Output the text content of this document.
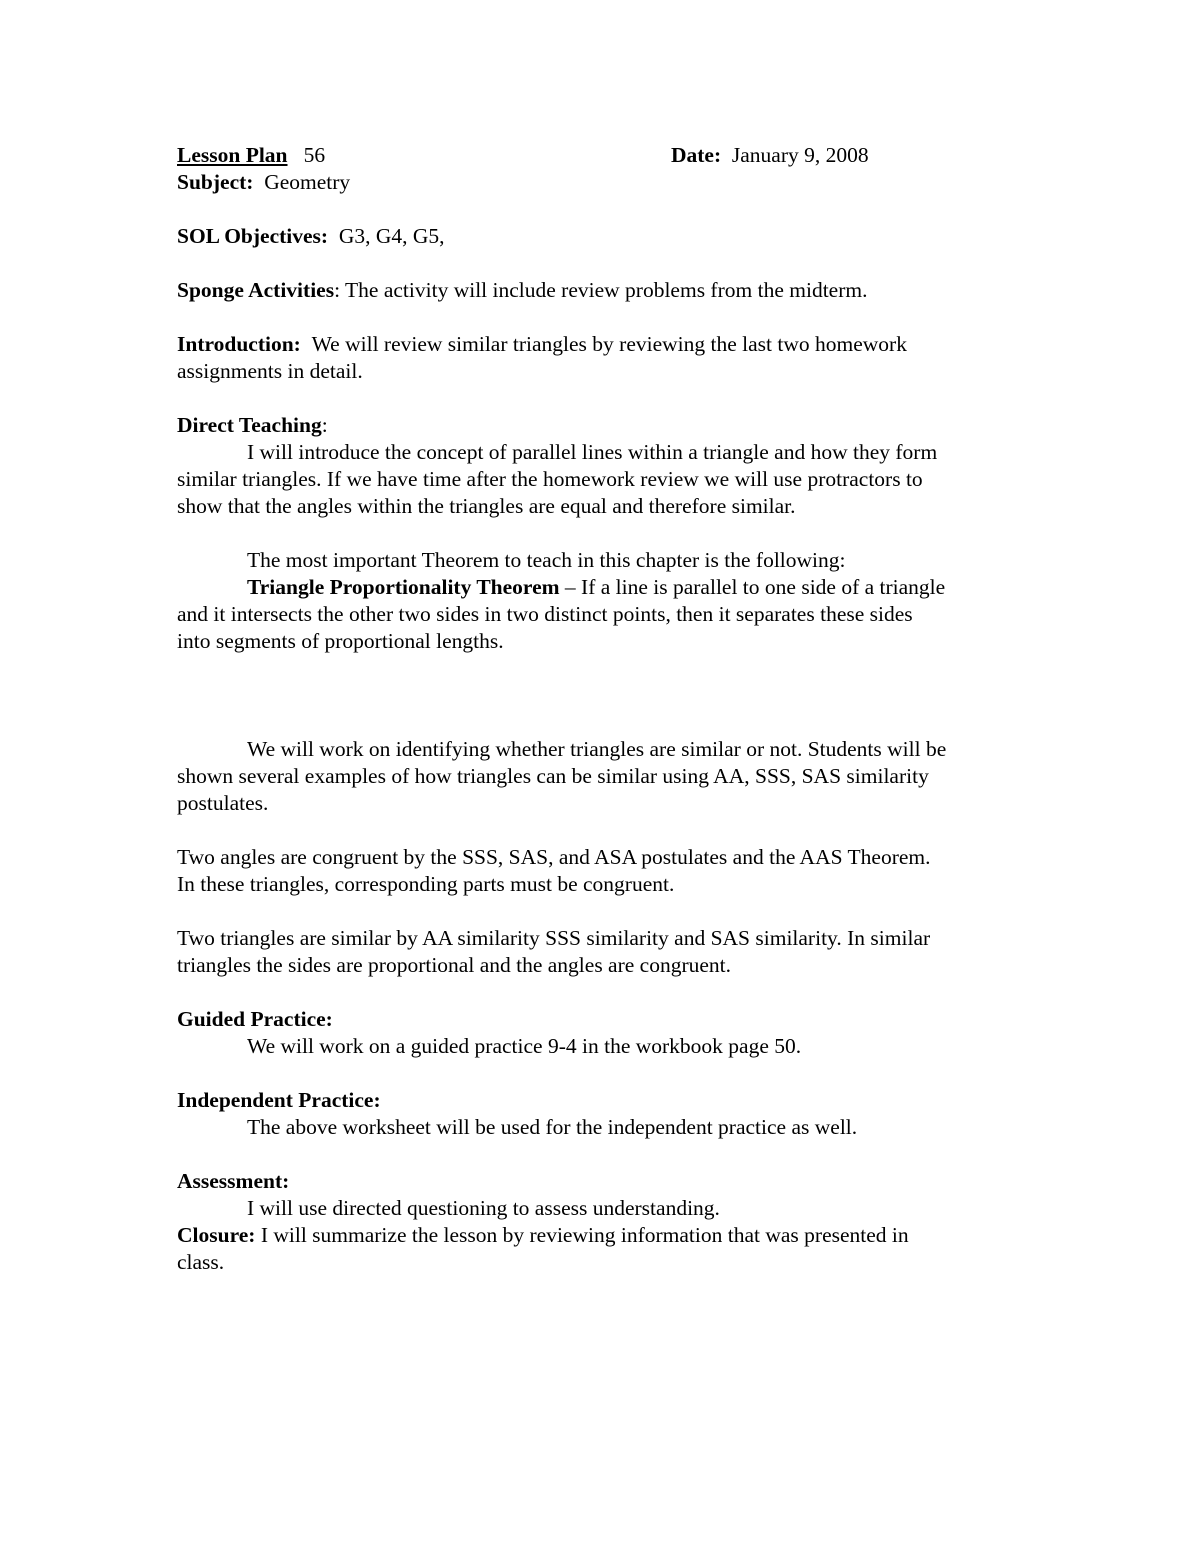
Lesson Plan 56	Date: January 9, 2008

Subject: Geometry

SOL Objectives: G3, G4, G5,

Sponge Activities: The activity will include review problems from the midterm.

Introduction: We will review similar triangles by reviewing the last two homework

assignments in detail.

Direct Teaching:

I will introduce the concept of parallel lines within a triangle and how they form

similar triangles. If we have time after the homework review we will use protractors to

show that the angles within the triangles are equal and therefore similar.

The most important Theorem to teach in this chapter is the following:

Triangle Proportionality Theorem – If a line is parallel to one side of a triangle

and it intersects the other two sides in two distinct points, then it separates these sides

into segments of proportional lengths.

We will work on identifying whether triangles are similar or not. Students will be

shown several examples of how triangles can be similar using AA, SSS, SAS similarity

postulates.

Two angles are congruent by the SSS, SAS, and ASA postulates and the AAS Theorem.

In these triangles, corresponding parts must be congruent.

Two triangles are similar by AA similarity SSS similarity and SAS similarity. In similar

triangles the sides are proportional and the angles are congruent.

Guided Practice:

We will work on a guided practice 9-4 in the workbook page 50.

Independent Practice:

The above worksheet will be used for the independent practice as well.

Assessment:

I will use directed questioning to assess understanding.

Closure: I will summarize the lesson by reviewing information that was presented in

class.
